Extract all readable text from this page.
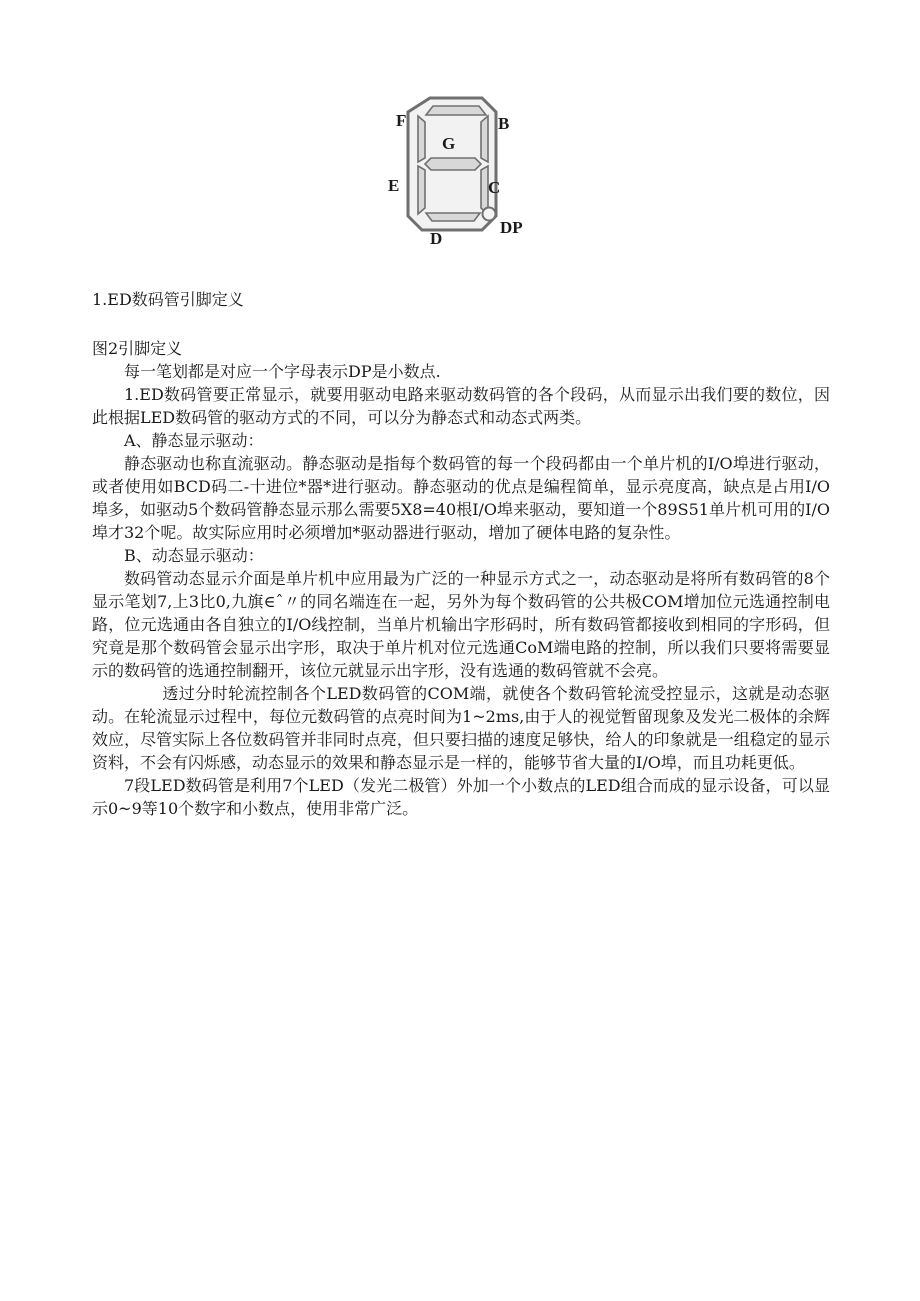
F	B
G
E	C
D
DP

1.ED数码管引脚定义

图2引脚定义

每一笔划都是对应一个字母表示DP是小数点.

1.ED数码管要正常显示，就要用驱动电路来驱动数码管的各个段码，从而显示出我们要的数位，因此根据LED数码管的驱动方式的不同，可以分为静态式和动态式两类。

A、静态显示驱动：

静态驱动也称直流驱动。静态驱动是指每个数码管的每一个段码都由一个单片机的I/O埠进行驱动，或者使用如BCD码二-十进位*器*进行驱动。静态驱动的优点是编程简单，显示亮度高，缺点是占用I/O埠多，如驱动5个数码管静态显示那么需要5X8=40根I/O埠来驱动，要知道一个89S51单片机可用的I/O埠才32个呢。故实际应用时必须增加*驱动器进行驱动，增加了硬体电路的复杂性。

B、动态显示驱动：

数码管动态显示介面是单片机中应用最为广泛的一种显示方式之一，动态驱动是将所有数码管的8个显示笔划7,上3比0,九旗∈ˆ〃的同名端连在一起，另外为每个数码管的公共极COM增加位元选通控制电路，位元选通由各自独立的I/O线控制，当单片机输出字形码时，所有数码管都接收到相同的字形码，但究竟是那个数码管会显示出字形，取决于单片机对位元选通CoM端电路的控制，所以我们只要将需要显示的数码管的选通控制翻开，该位元就显示出字形，没有选通的数码管就不会亮。

透过分时轮流控制各个LED数码管的COM端，就使各个数码管轮流受控显示，这就是动态驱动。在轮流显示过程中，每位元数码管的点亮时间为1~2ms,由于人的视觉暂留现象及发光二极体的余辉效应，尽管实际上各位数码管并非同时点亮，但只要扫描的速度足够快，给人的印象就是一组稳定的显示资料，不会有闪烁感，动态显示的效果和静态显示是一样的，能够节省大量的I/O埠，而且功耗更低。

7段LED数码管是利用7个LED（发光二极管）外加一个小数点的LED组合而成的显示设备，可以显示0~9等10个数字和小数点，使用非常广泛。
